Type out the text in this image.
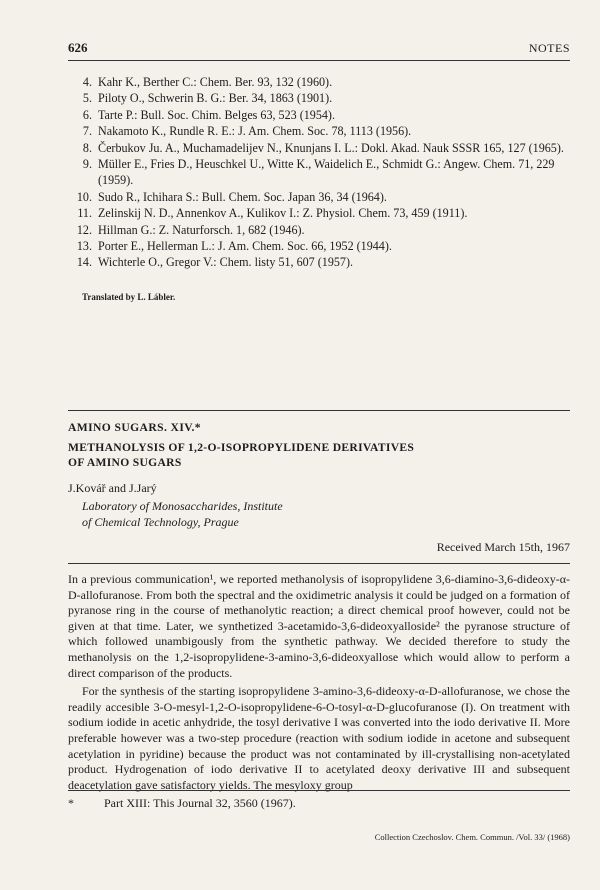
626	NOTES
4. Kahr K., Berther C.: Chem. Ber. 93, 132 (1960).
5. Piloty O., Schwerin B. G.: Ber. 34, 1863 (1901).
6. Tarte P.: Bull. Soc. Chim. Belges 63, 523 (1954).
7. Nakamoto K., Rundle R. E.: J. Am. Chem. Soc. 78, 1113 (1956).
8. Čerbukov Ju. A., Muchamadelijev N., Knunjans I. L.: Dokl. Akad. Nauk SSSR 165, 127 (1965).
9. Müller E., Fries D., Heuschkel U., Witte K., Waidelich E., Schmidt G.: Angew. Chem. 71, 229 (1959).
10. Sudo R., Ichihara S.: Bull. Chem. Soc. Japan 36, 34 (1964).
11. Zelinskij N. D., Annenkov A., Kulikov I.: Z. Physiol. Chem. 73, 459 (1911).
12. Hillman G.: Z. Naturforsch. 1, 682 (1946).
13. Porter E., Hellerman L.: J. Am. Chem. Soc. 66, 1952 (1944).
14. Wichterle O., Gregor V.: Chem. listy 51, 607 (1957).
Translated by L. Lábler.
AMINO SUGARS. XIV.*
METHANOLYSIS OF 1,2-O-ISOPROPYLIDENE DERIVATIVES
OF AMINO SUGARS
J.Kovář and J.Jarý
Laboratory of Monosaccharides, Institute
of Chemical Technology, Prague
Received March 15th, 1967

In a previous communication¹, we reported methanolysis of isopropylidene 3,6-diamino-3,6-dideoxy-α-D-allofuranose. From both the spectral and the oxidimetric analysis it could be judged on a formation of pyranose ring in the course of methanolytic reaction; a direct chemical proof however, could not be given at that time. Later, we synthetized 3-acetamido-3,6-dideoxyalloside² the pyranose structure of which followed unambigously from the synthetic pathway. We decided therefore to study the methanolysis on the 1,2-isopropylidene-3-amino-3,6-dideoxyallose which would allow to perform a direct comparison of the products.

For the synthesis of the starting isopropylidene 3-amino-3,6-dideoxy-α-D-allofuranose, we chose the readily accesible 3-O-mesyl-1,2-O-isopropylidene-6-O-tosyl-α-D-glucofuranose (I). On treatment with sodium iodide in acetic anhydride, the tosyl derivative I was converted into the iodo derivative II. More preferable however was a two-step procedure (reaction with sodium iodide in acetone and subsequent acetylation in pyridine) because the product was not contaminated by ill-crystallising non-acetylated product. Hydrogenation of iodo derivative II to acetylated deoxy derivative III and subsequent deacetylation gave satisfactory yields. The mesyloxy group

*	Part XIII: This Journal 32, 3560 (1967).
Collection Czechoslov. Chem. Commun. /Vol. 33/ (1968)
